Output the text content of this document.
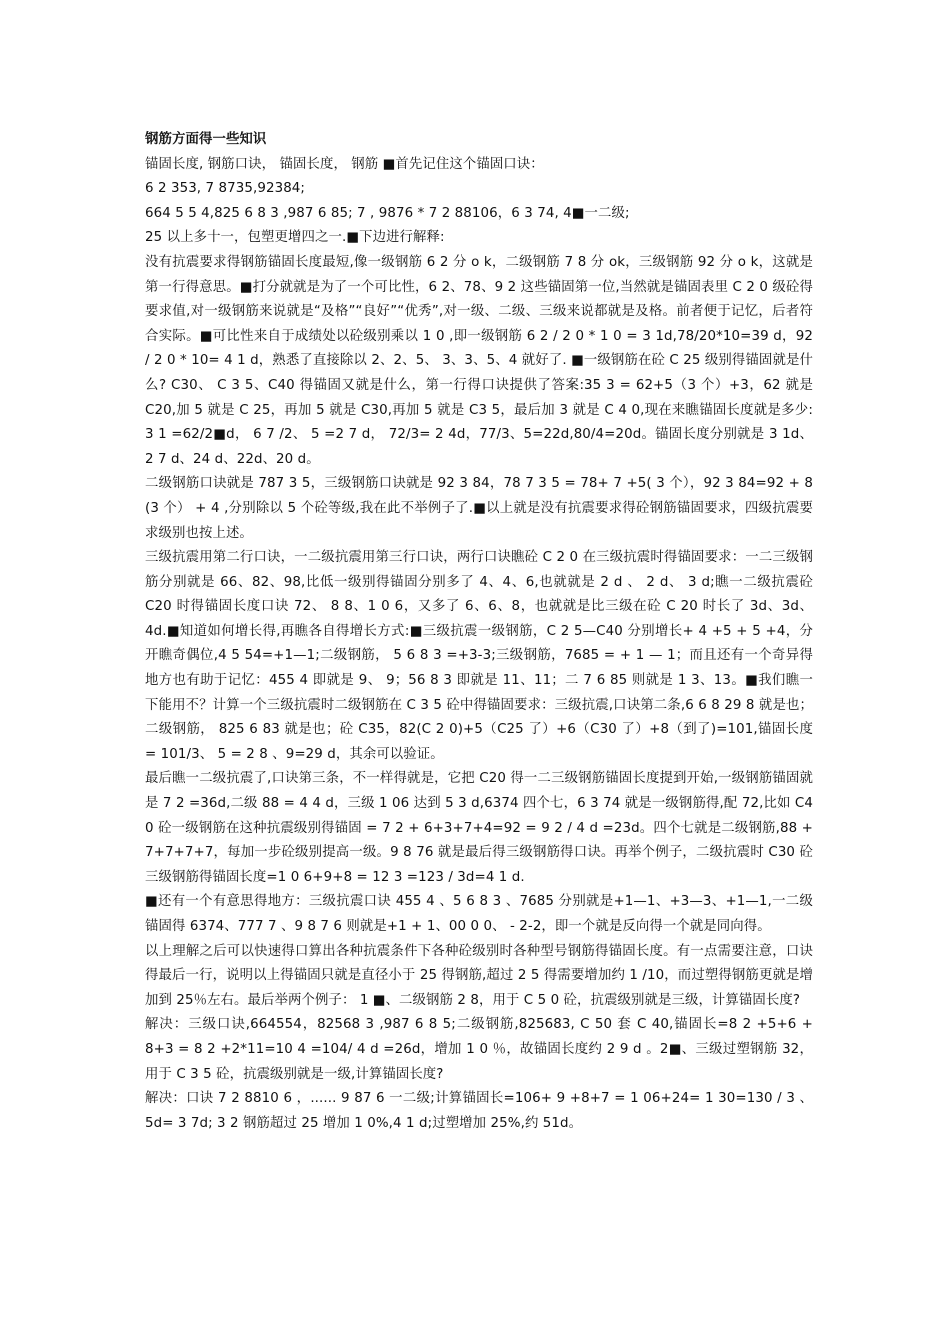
钢筋方面得一些知识

锚固长度, 钢筋口诀， 锚固长度， 钢筋 ■首先记住这个锚固口诀：

6 2 353, 7 8735,92384;

664 5 5 4,825 6 8 3 ,987 6 85; 7 , 9876 * 7 2 88106，6 3 74, 4■一二级;

25 以上多十一，包塑更增四之一.■下边进行解释:

没有抗震要求得钢筋锚固长度最短,像一级钢筋 6 2 分 o k，二级钢筋 7 8 分 ok，三级钢筋 92 分 o k，这就是第一行得意思。■打分就就是为了一个可比性，6 2、78、9 2 这些锚固第一位,当然就是锚固表里 C 2 0 级砼得要求值,对一级钢筋来说就是“及格”“良好”“优秀”,对一级、二级、三级来说都就是及格。前者便于记忆，后者符合实际。■可比性来自于成绩处以砼级别乘以 1 0 ,即一级钢筋 6 2 / 2 0 * 1 0 = 3 1d,78/20*10=39 d，92 / 2 0 * 10= 4 1 d，熟悉了直接除以 2、2、5、 3、3、5、4 就好了. ■一级钢筋在砼 C 25 级别得锚固就是什么? C30、 C 3 5、C40 得锚固又就是什么，第一行得口诀提供了答案:35 3 = 62+5（3 个）+3，62 就是 C20,加 5 就是 C 25，再加 5 就是 C30,再加 5 就是 C3 5，最后加 3 就是 C 4 0,现在来瞧锚固长度就是多少: 3 1 =62/2■d， 6 7 /2、 5 =2 7 d， 72/3= 2 4d，77/3、5=22d,80/4=20d。锚固长度分别就是 3 1d、2 7 d、24 d、22d、20 d。

二级钢筋口诀就是 787 3 5，三级钢筋口诀就是 92 3 84，78 7 3 5 = 78+ 7 +5( 3 个），92 3 84=92 + 8 (3 个） + 4 ,分别除以 5 个砼等级,我在此不举例子了.■以上就是没有抗震要求得砼钢筋锚固要求，四级抗震要求级别也按上述。

三级抗震用第二行口诀，一二级抗震用第三行口诀，两行口诀瞧砼 C 2 0 在三级抗震时得锚固要求：一二三级钢筋分别就是 66、82、98,比低一级别得锚固分别多了 4、4、6,也就就是 2 d 、 2 d、 3 d;瞧一二级抗震砼 C20 时得锚固长度口诀 72、 8 8、1 0 6，又多了 6、6、8，也就就是比三级在砼 C 20 时长了 3d、3d、4d.■知道如何增长得,再瞧各自得增长方式:■三级抗震一级钢筋，C 2 5—C40 分别增长+ 4 +5 + 5 +4，分开瞧奇偶位,4 5 54=+1—1;二级钢筋， 5 6 8 3 =+3-3;三级钢筋，7685 = + 1 — 1；而且还有一个奇异得地方也有助于记忆：455 4 即就是 9、 9；56 8 3 即就是 11、11；二 7 6 85 则就是 1 3、13。■我们瞧一下能用不？计算一个三级抗震时二级钢筋在 C 3 5 砼中得锚固要求：三级抗震,口诀第二条,6 6 8 29 8 就是也；二级钢筋， 825 6 83 就是也；砼 C35，82(C 2 0)+5（C25 了）+6（C30 了）+8（到了)=101,锚固长度 = 101/3、 5 = 2 8 、9=29 d，其余可以验证。

最后瞧一二级抗震了,口诀第三条，不一样得就是，它把 C20 得一二三级钢筋锚固长度提到开始,一级钢筋锚固就是 7 2 =36d,二级 88 = 4 4 d，三级 1 06 达到 5 3 d,6374 四个七，6 3 74 就是一级钢筋得,配 72,比如 C4 0 砼一级钢筋在这种抗震级别得锚固 = 7 2 + 6+3+7+4=92 = 9 2 / 4 d =23d。四个七就是二级钢筋,88 + 7+7+7+7，每加一步砼级别提高一级。9 8 76 就是最后得三级钢筋得口诀。再举个例子，二级抗震时 C30 砼三级钢筋得锚固长度=1 0 6+9+8 = 12 3 =123 / 3d=4 1 d.

■还有一个有意思得地方：三级抗震口诀 455 4 、5 6 8 3 、7685 分别就是+1—1、+3—3、+1—1,一二级锚固得 6374、777 7 、9 8 7 6 则就是+1 + 1、00 0 0、 - 2-2，即一个就是反向得一个就是同向得。

以上理解之后可以快速得口算出各种抗震条件下各种砼级别时各种型号钢筋得锚固长度。有一点需要注意，口诀得最后一行，说明以上得锚固只就是直径小于 25 得钢筋,超过 2 5 得需要增加约 1 /10，而过塑得钢筋更就是增加到 25％左右。最后举两个例子： 1 ■、二级钢筋 2 8，用于 C 5 0 砼，抗震级别就是三级，计算锚固长度?

解决：三级口诀,664554，82568 3 ,987 6 8 5;二级钢筋,825683, C 50 套 C 40,锚固长=8 2 +5+6 + 8+3 = 8 2 +2*11=10 4 =104/ 4 d =26d，增加 1 0 ％，故锚固长度约 2 9 d 。2■、三级过塑钢筋 32，用于 C 3 5 砼，抗震级别就是一级,计算锚固长度?

解决：口诀 7 2 8810 6 ，...... 9 87 6 一二级;计算锚固长=106+ 9 +8+7 = 1 06+24= 1 30=130 / 3 、5d= 3 7d; 3 2 钢筋超过 25 增加 1 0%,4 1 d;过塑增加 25%,约 51d。
